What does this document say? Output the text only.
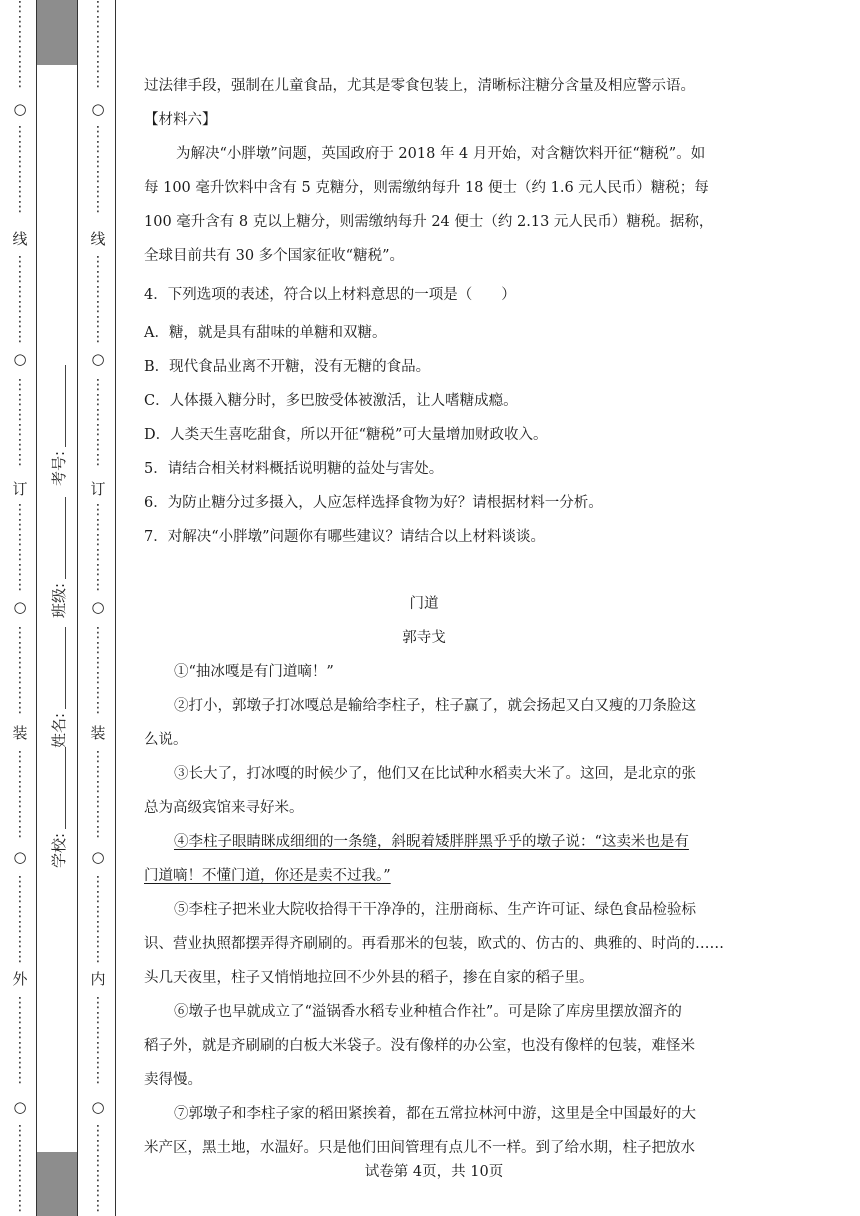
⋮
⋮
⋮
⋮
⋮
⋮
○
⋮
⋮
⋮
⋮
⋮
⋮
线
⋮
⋮
⋮
⋮
⋮
⋮
○
⋮
⋮
⋮
⋮
⋮
⋮
订
⋮
⋮
⋮
⋮
⋮
⋮
○
⋮
⋮
⋮
⋮
⋮
⋮
装
⋮
⋮
⋮
⋮
⋮
⋮
○
⋮
⋮
⋮
⋮
⋮
⋮
外
⋮
⋮
⋮
⋮
⋮
⋮
○
⋮
⋮
⋮
⋮
⋮
⋮
⋮
⋮
⋮
⋮
⋮
⋮
○
⋮
⋮
⋮
⋮
⋮
⋮
线
⋮
⋮
⋮
⋮
⋮
⋮
○
⋮
⋮
⋮
⋮
⋮
⋮
订
⋮
⋮
⋮
⋮
⋮
⋮
○
⋮
⋮
⋮
⋮
⋮
⋮
装
⋮
⋮
⋮
⋮
⋮
⋮
○
⋮
⋮
⋮
⋮
⋮
⋮
内
⋮
⋮
⋮
⋮
⋮
⋮
○
⋮
⋮
⋮
⋮
⋮
⋮
学校:
姓名:
班级:
考号:
过法律手段，强制在儿童食品，尤其是零食包装上，清晰标注糖分含量及相应警示语。
【材料六】
为解决“小胖墩”问题，英国政府于 2018 年 4 月开始，对含糖饮料开征“糖税”。如
每 100 毫升饮料中含有 5 克糖分，则需缴纳每升 18 便士（约 1.6 元人民币）糖税；每
100 毫升含有 8 克以上糖分，则需缴纳每升 24 便士（约 2.13 元人民币）糖税。据称，
全球目前共有 30 多个国家征收“糖税”。
4．下列选项的表述，符合以上材料意思的一项是（　　）
A．糖，就是具有甜味的单糖和双糖。
B．现代食品业离不开糖，没有无糖的食品。
C．人体摄入糖分时，多巴胺受体被激活，让人嗜糖成瘾。
D．人类天生喜吃甜食，所以开征“糖税”可大量增加财政收入。
5．请结合相关材料概括说明糖的益处与害处。
6．为防止糖分过多摄入，人应怎样选择食物为好？请根据材料一分析。
7．对解决“小胖墩”问题你有哪些建议？请结合以上材料谈谈。
门道
郭寺戈
①“抽冰嘎是有门道嘀！”
②打小，郭墩子打冰嘎总是输给李柱子，柱子赢了，就会扬起又白又瘦的刀条脸这
么说。
③长大了，打冰嘎的时候少了，他们又在比试种水稻卖大米了。这回，是北京的张
总为高级宾馆来寻好米。
④李柱子眼睛眯成细细的一条缝，斜睨着矮胖胖黑乎乎的墩子说：“这卖米也是有
门道嘀！不懂门道，你还是卖不过我。”
⑤李柱子把米业大院收拾得干干净净的，注册商标、生产许可证、绿色食品检验标
识、营业执照都摆弄得齐刷刷的。再看那米的包装，欧式的、仿古的、典雅的、时尚的……
头几天夜里，柱子又悄悄地拉回不少外县的稻子，掺在自家的稻子里。
⑥墩子也早就成立了“溢锅香水稻专业种植合作社”。可是除了库房里摆放溜齐的
稻子外，就是齐刷刷的白板大米袋子。没有像样的办公室，也没有像样的包装，难怪米
卖得慢。
⑦郭墩子和李柱子家的稻田紧挨着，都在五常拉林河中游，这里是全中国最好的大
米产区，黑土地，水温好。只是他们田间管理有点儿不一样。到了给水期，柱子把放水
试卷第 4页，共 10页
